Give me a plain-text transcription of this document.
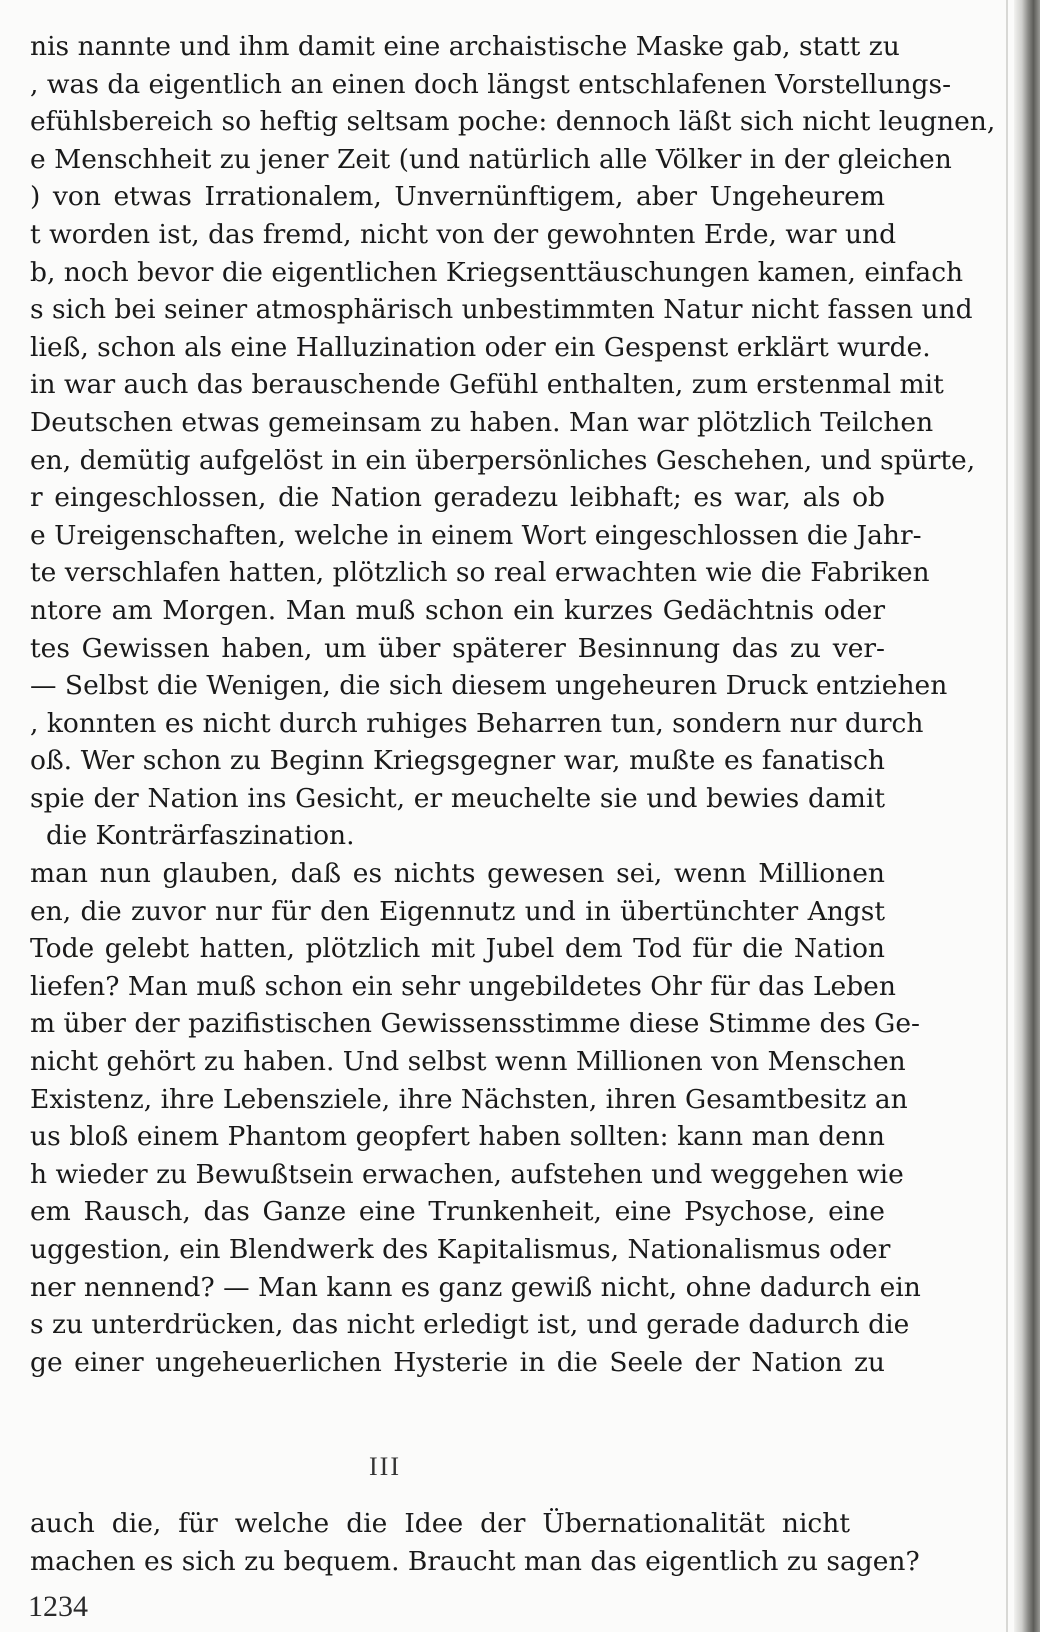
nis nannte und ihm damit eine archaistische Maske gab, statt zu
, was da eigentlich an einen doch längst entschlafenen Vorstellungs-
efühlsbereich so heftig seltsam poche: dennoch läßt sich nicht leugnen,
e Menschheit zu jener Zeit (und natürlich alle Völker in der gleichen
) von etwas Irrationalem, Unvernünftigem, aber Ungeheurem
t worden ist, das fremd, nicht von der gewohnten Erde, war und
b, noch bevor die eigentlichen Kriegsenttäuschungen kamen, einfach
s sich bei seiner atmosphärisch unbestimmten Natur nicht fassen und
ließ, schon als eine Halluzination oder ein Gespenst erklärt wurde.
in war auch das berauschende Gefühl enthalten, zum erstenmal mit
Deutschen etwas gemeinsam zu haben. Man war plötzlich Teilchen
en, demütig aufgelöst in ein überpersönliches Geschehen, und spürte,
r eingeschlossen, die Nation geradezu leibhaft; es war, als ob
e Ureigenschaften, welche in einem Wort eingeschlossen die Jahr-
te verschlafen hatten, plötzlich so real erwachten wie die Fabriken
ntore am Morgen. Man muß schon ein kurzes Gedächtnis oder
tes Gewissen haben, um über späterer Besinnung das zu ver-
— Selbst die Wenigen, die sich diesem ungeheuren Druck entziehen
, konnten es nicht durch ruhiges Beharren tun, sondern nur durch
oß. Wer schon zu Beginn Kriegsgegner war, mußte es fanatisch
spie der Nation ins Gesicht, er meuchelte sie und bewies damit
die Konträrfaszination.
man nun glauben, daß es nichts gewesen sei, wenn Millionen
en, die zuvor nur für den Eigennutz und in übertünchter Angst
Tode gelebt hatten, plötzlich mit Jubel dem Tod für die Nation
liefen? Man muß schon ein sehr ungebildetes Ohr für das Leben
m über der pazifistischen Gewissensstimme diese Stimme des Ge-
nicht gehört zu haben. Und selbst wenn Millionen von Menschen
Existenz, ihre Lebensziele, ihre Nächsten, ihren Gesamtbesitz an
us bloß einem Phantom geopfert haben sollten: kann man denn
h wieder zu Bewußtsein erwachen, aufstehen und weggehen wie
em Rausch, das Ganze eine Trunkenheit, eine Psychose, eine
uggestion, ein Blendwerk des Kapitalismus, Nationalismus oder
ner nennend? — Man kann es ganz gewiß nicht, ohne dadurch ein
s zu unterdrücken, das nicht erledigt ist, und gerade dadurch die
ge einer ungeheuerlichen Hysterie in die Seele der Nation zu
III
auch die, für welche die Idee der Übernationalität nicht
machen es sich zu bequem. Braucht man das eigentlich zu sagen?
1234
